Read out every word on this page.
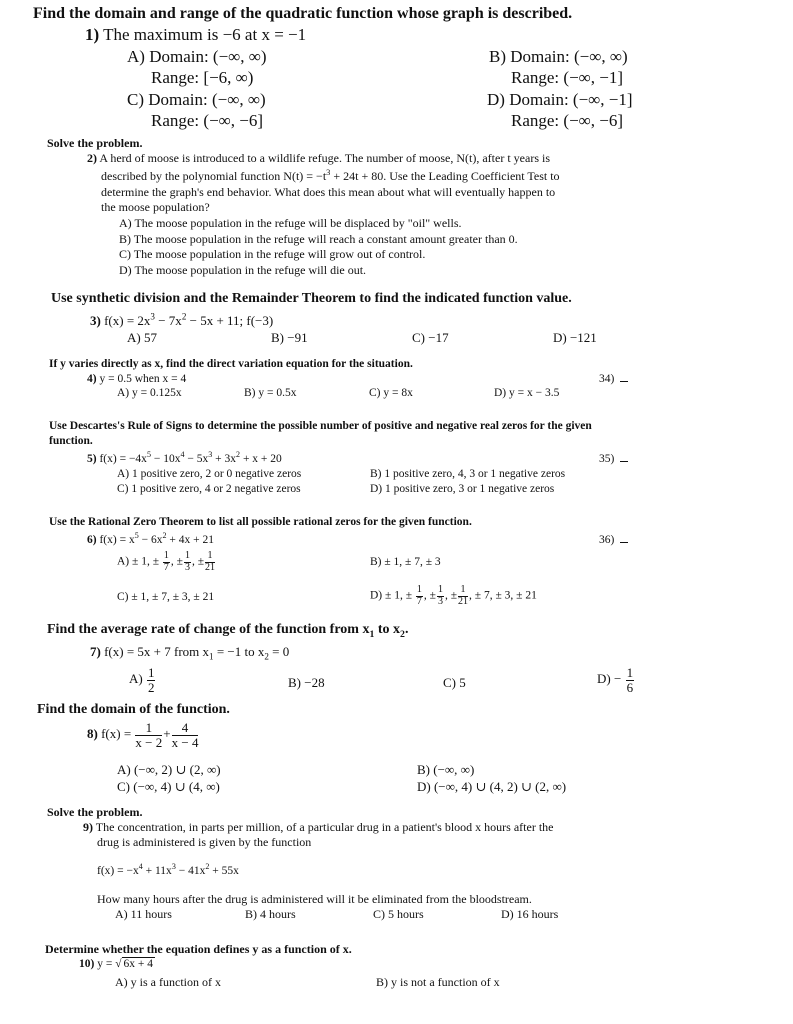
Find the domain and range of the quadratic function whose graph is described.
1) The maximum is −6 at x = −1
A) Domain: (−∞, ∞)
Range: [−6, ∞)
B) Domain: (−∞, ∞)
Range: (−∞, −1]
C) Domain: (−∞, ∞)
Range: (−∞, −6]
D) Domain: (−∞, −1]
Range: (−∞, −6]
Solve the problem.
2) A herd of moose is introduced to a wildlife refuge. The number of moose, N(t), after t years is
described by the polynomial function $N(t) = -t^3 + 24t + 80$. Use the Leading Coefficient Test to
determine the graph's end behavior. What does this mean about what will eventually happen to
the moose population?
A) The moose population in the refuge will be displaced by "oil" wells.
B) The moose population in the refuge will reach a constant amount greater than 0.
C) The moose population in the refuge will grow out of control.
D) The moose population in the refuge will die out.
Use synthetic division and the Remainder Theorem to find the indicated function value.
3) $f(x) = 2x^3 - 7x^2 - 5x + 11$; f(−3)
A) 57	B) −91	C) −17	D) −121
If y varies directly as x, find the direct variation equation for the situation.
4) y = 0.5 when x = 4	34)
A) y = 0.125x	B) y = 0.5x	C) y = 8x	D) y = x − 3.5
Use Descartes's Rule of Signs to determine the possible number of positive and negative real zeros for the given
function.
5) $f(x) = -4x^5 - 10x^4 - 5x^3 + 3x^2 + x + 20$	35)
A) 1 positive zero, 2 or 0 negative zeros	B) 1 positive zero, 4, 3 or 1 negative zeros
C) 1 positive zero, 4 or 2 negative zeros	D) 1 positive zero, 3 or 1 negative zeros
Use the Rational Zero Theorem to list all possible rational zeros for the given function.
6) $f(x) = x^5 - 6x^2 + 4x + 21$	36)
A) ± 1, ± $\frac{1}{7}$ , ± $\frac{1}{3}$ , ± $\frac{1}{21}$	B) ± 1, ± 7, ± 3
C) ± 1, ± 7, ± 3, ± 21	D) ± 1, ± $\frac{1}{7}$ , ± $\frac{1}{3}$ , ± $\frac{1}{21}$ , ± 7, ± 3, ± 21
Find the average rate of change of the function from $x_1$ to $x_2$.
7) f(x) = 5x + 7 from $x_1 = -1$ to $x_2 = 0$
$A) \frac{1}{2}$	B) −28	C) 5	$D) - \frac{1}{6}$
Find the domain of the function.
8) $f(x) = \frac{1}{x - 2} + \frac{4}{x - 4}$
A) (−∞, 2) ∪ (2, ∞)	B) (−∞, ∞)
C) (−∞, 4) ∪ (4, ∞)	D) (−∞, 4) ∪ (4, 2) ∪ (2, ∞)
Solve the problem.
9) The concentration, in parts per million, of a particular drug in a patient's blood x hours after the
drug is administered is given by the function
$f(x) = -x^4 + 11x^3 - 41x^2 + 55x$
How many hours after the drug is administered will it be eliminated from the bloodstream.
A) 11 hours	B) 4 hours	C) 5 hours	D) 16 hours
Determine whether the equation defines y as a function of x.
10) y = √ 6x + 4
A) y is a function of x	B) y is not a function of x
